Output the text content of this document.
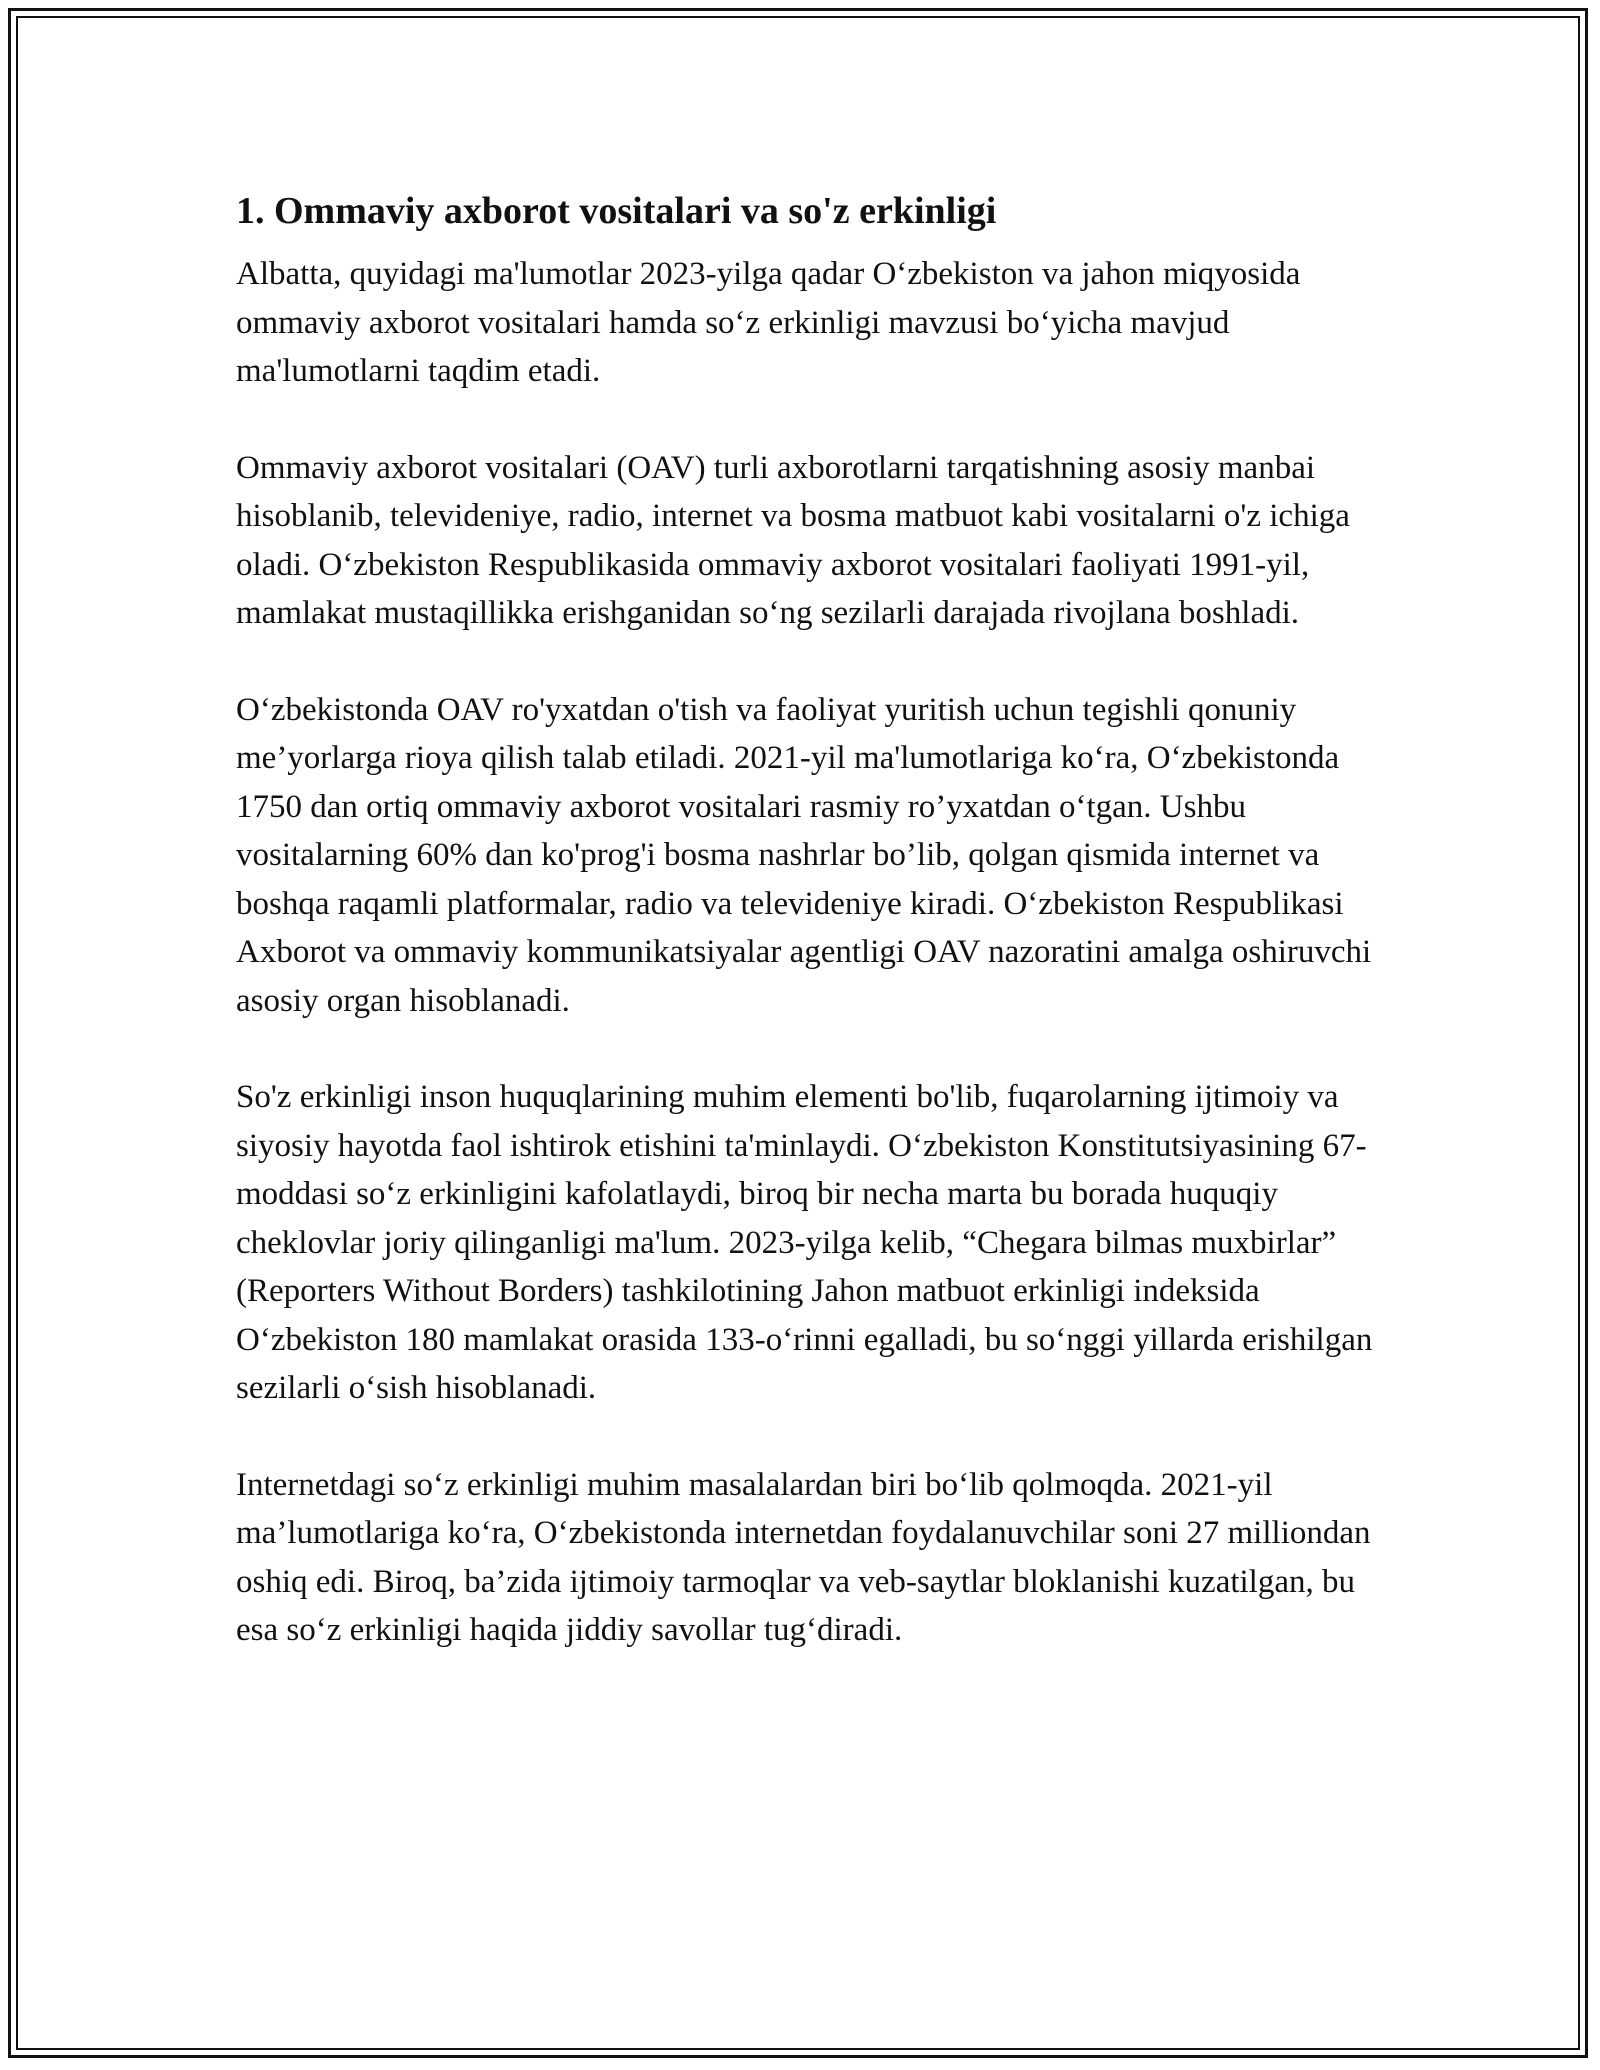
1. Ommaviy axborot vositalari va so'z erkinligi

Albatta, quyidagi ma'lumotlar 2023-yilga qadar O‘zbekiston va jahon miqyosida ommaviy axborot vositalari hamda so‘z erkinligi mavzusi bo‘yicha mavjud ma'lumotlarni taqdim etadi.

Ommaviy axborot vositalari (OAV) turli axborotlarni tarqatishning asosiy manbai hisoblanib, televideniye, radio, internet va bosma matbuot kabi vositalarni o'z ichiga oladi. O‘zbekiston Respublikasida ommaviy axborot vositalari faoliyati 1991-yil, mamlakat mustaqillikka erishganidan so‘ng sezilarli darajada rivojlana boshladi.

O‘zbekistonda OAV ro'yxatdan o'tish va faoliyat yuritish uchun tegishli qonuniy me’yorlarga rioya qilish talab etiladi. 2021-yil ma'lumotlariga ko‘ra, O‘zbekistonda 1750 dan ortiq ommaviy axborot vositalari rasmiy ro’yxatdan o‘tgan. Ushbu vositalarning 60% dan ko'prog'i bosma nashrlar bo’lib, qolgan qismida internet va boshqa raqamli platformalar, radio va televideniye kiradi. O‘zbekiston Respublikasi Axborot va ommaviy kommunikatsiyalar agentligi OAV nazoratini amalga oshiruvchi asosiy organ hisoblanadi.

So'z erkinligi inson huquqlarining muhim elementi bo'lib, fuqarolarning ijtimoiy va siyosiy hayotda faol ishtirok etishini ta'minlaydi. O‘zbekiston Konstitutsiyasining 67-moddasi so‘z erkinligini kafolatlaydi, biroq bir necha marta bu borada huquqiy cheklovlar joriy qilinganligi ma'lum. 2023-yilga kelib, “Chegara bilmas muxbirlar” (Reporters Without Borders) tashkilotining Jahon matbuot erkinligi indeksida O‘zbekiston 180 mamlakat orasida 133-o‘rinni egalladi, bu so‘nggi yillarda erishilgan sezilarli o‘sish hisoblanadi.

Internetdagi so‘z erkinligi muhim masalalardan biri bo‘lib qolmoqda. 2021-yil ma’lumotlariga ko‘ra, O‘zbekistonda internetdan foydalanuvchilar soni 27 milliondan oshiq edi. Biroq, ba’zida ijtimoiy tarmoqlar va veb-saytlar bloklanishi kuzatilgan, bu esa so‘z erkinligi haqida jiddiy savollar tug‘diradi.
